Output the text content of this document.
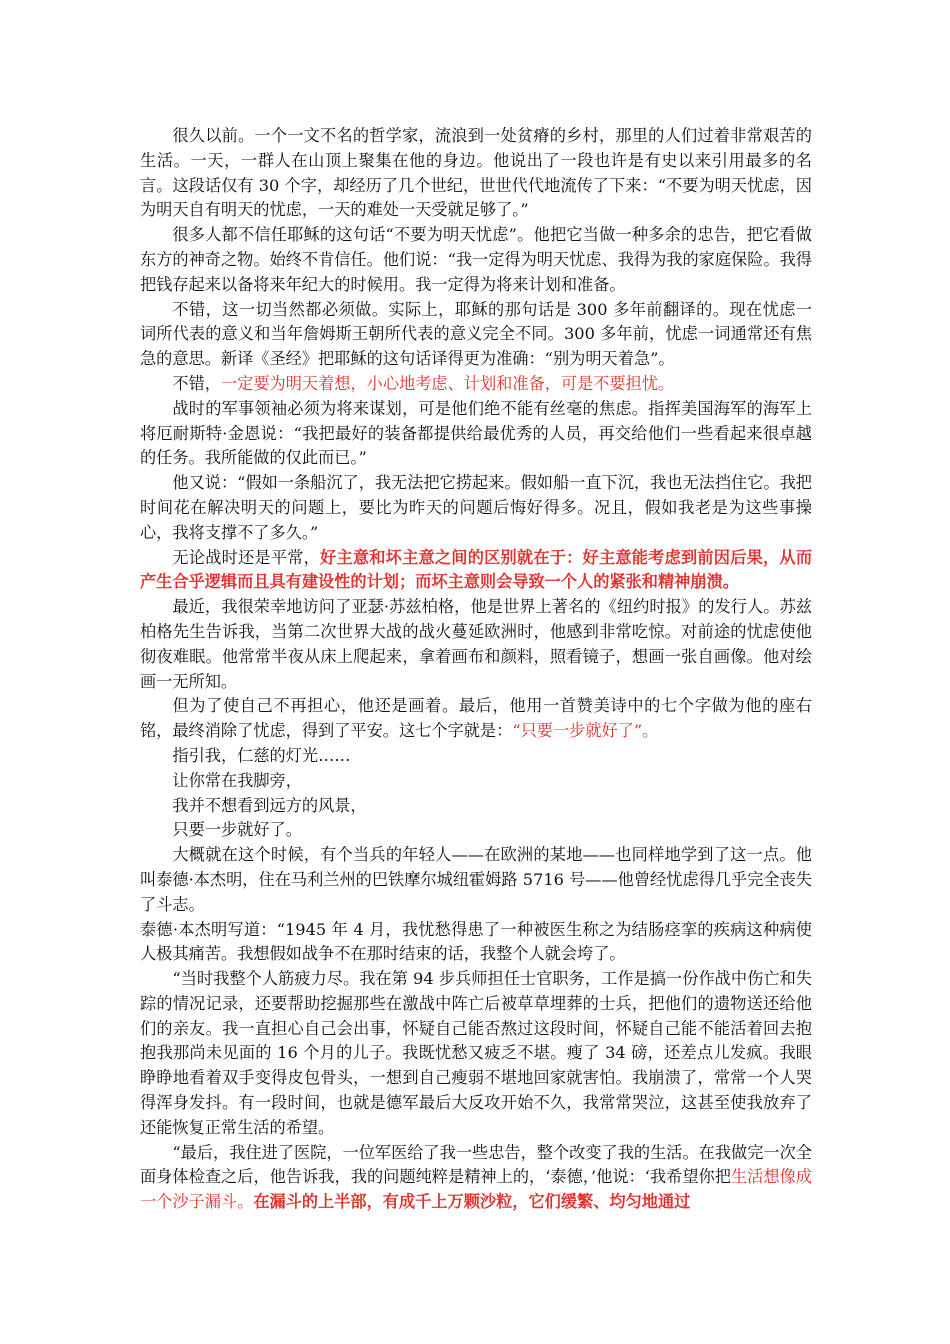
很久以前。一个一文不名的哲学家，流浪到一处贫瘠的乡村，那里的人们过着非常艰苦的生活。一天，一群人在山顶上聚集在他的身边。他说出了一段也许是有史以来引用最多的名言。这段话仅有 30 个字，却经历了几个世纪，世世代代地流传了下来：“不要为明天忧虑，因为明天自有明天的忧虑，一天的难处一天受就足够了。”

很多人都不信任耶稣的这句话“不要为明天忧虑”。他把它当做一种多余的忠告，把它看做东方的神奇之物。始终不肯信任。他们说：“我一定得为明天忧虑、我得为我的家庭保险。我得把钱存起来以备将来年纪大的时候用。我一定得为将来计划和准备。

不错，这一切当然都必须做。实际上，耶稣的那句话是 300 多年前翻译的。现在忧虑一词所代表的意义和当年詹姆斯王朝所代表的意义完全不同。300 多年前，忧虑一词通常还有焦急的意思。新译《圣经》把耶稣的这句话译得更为准确：“别为明天着急”。

不错，一定要为明天着想，小心地考虑、计划和准备，可是不要担忧。

战时的军事领袖必须为将来谋划，可是他们绝不能有丝毫的焦虑。指挥美国海军的海军上将厄耐斯特·金恩说：“我把最好的装备都提供给最优秀的人员，再交给他们一些看起来很卓越的任务。我所能做的仅此而已。”

他又说：“假如一条船沉了，我无法把它捞起来。假如船一直下沉，我也无法挡住它。我把时间花在解决明天的问题上，要比为昨天的问题后悔好得多。况且，假如我老是为这些事操心，我将支撑不了多久。”

无论战时还是平常，好主意和坏主意之间的区别就在于：好主意能考虑到前因后果，从而产生合乎逻辑而且具有建设性的计划；而坏主意则会导致一个人的紧张和精神崩溃。

最近，我很荣幸地访问了亚瑟·苏兹柏格，他是世界上著名的《纽约时报》的发行人。苏兹柏格先生告诉我，当第二次世界大战的战火蔓延欧洲时，他感到非常吃惊。对前途的忧虑使他彻夜难眠。他常常半夜从床上爬起来，拿着画布和颜料，照看镜子，想画一张自画像。他对绘画一无所知。

但为了使自己不再担心，他还是画着。最后，他用一首赞美诗中的七个字做为他的座右铭，最终消除了忧虑，得到了平安。这七个字就是：“只要一步就好了”。

指引我，仁慈的灯光……

让你常在我脚旁，

我并不想看到远方的风景，

只要一步就好了。

大概就在这个时候，有个当兵的年轻人——在欧洲的某地——也同样地学到了这一点。他叫泰德·本杰明，住在马利兰州的巴铁摩尔城纽霍姆路 5716 号——他曾经忧虑得几乎完全丧失了斗志。

泰德·本杰明写道：“1945 年 4 月，我忧愁得患了一种被医生称之为结肠痉挛的疾病这种病使人极其痛苦。我想假如战争不在那时结束的话，我整个人就会垮了。

“当时我整个人筋疲力尽。我在第 94 步兵师担任士官职务，工作是搞一份作战中伤亡和失踪的情况记录，还要帮助挖掘那些在激战中阵亡后被草草埋葬的士兵，把他们的遗物送还给他们的亲友。我一直担心自己会出事，怀疑自己能否熬过这段时间，怀疑自己能不能活着回去抱抱我那尚未见面的 16 个月的儿子。我既忧愁又疲乏不堪。瘦了 34 磅，还差点儿发疯。我眼睁睁地看着双手变得皮包骨头，一想到自己瘦弱不堪地回家就害怕。我崩溃了，常常一个人哭得浑身发抖。有一段时间，也就是德军最后大反攻开始不久，我常常哭泣，这甚至使我放弃了还能恢复正常生活的希望。

“最后，我住进了医院，一位军医给了我一些忠告，整个改变了我的生活。在我做完一次全面身体检查之后，他告诉我，我的问题纯粹是精神上的，‘泰德，’他说：‘我希望你把生活想像成一个沙子漏斗。在漏斗的上半部，有成千上万颗沙粒，它们缓繁、均匀地通过
